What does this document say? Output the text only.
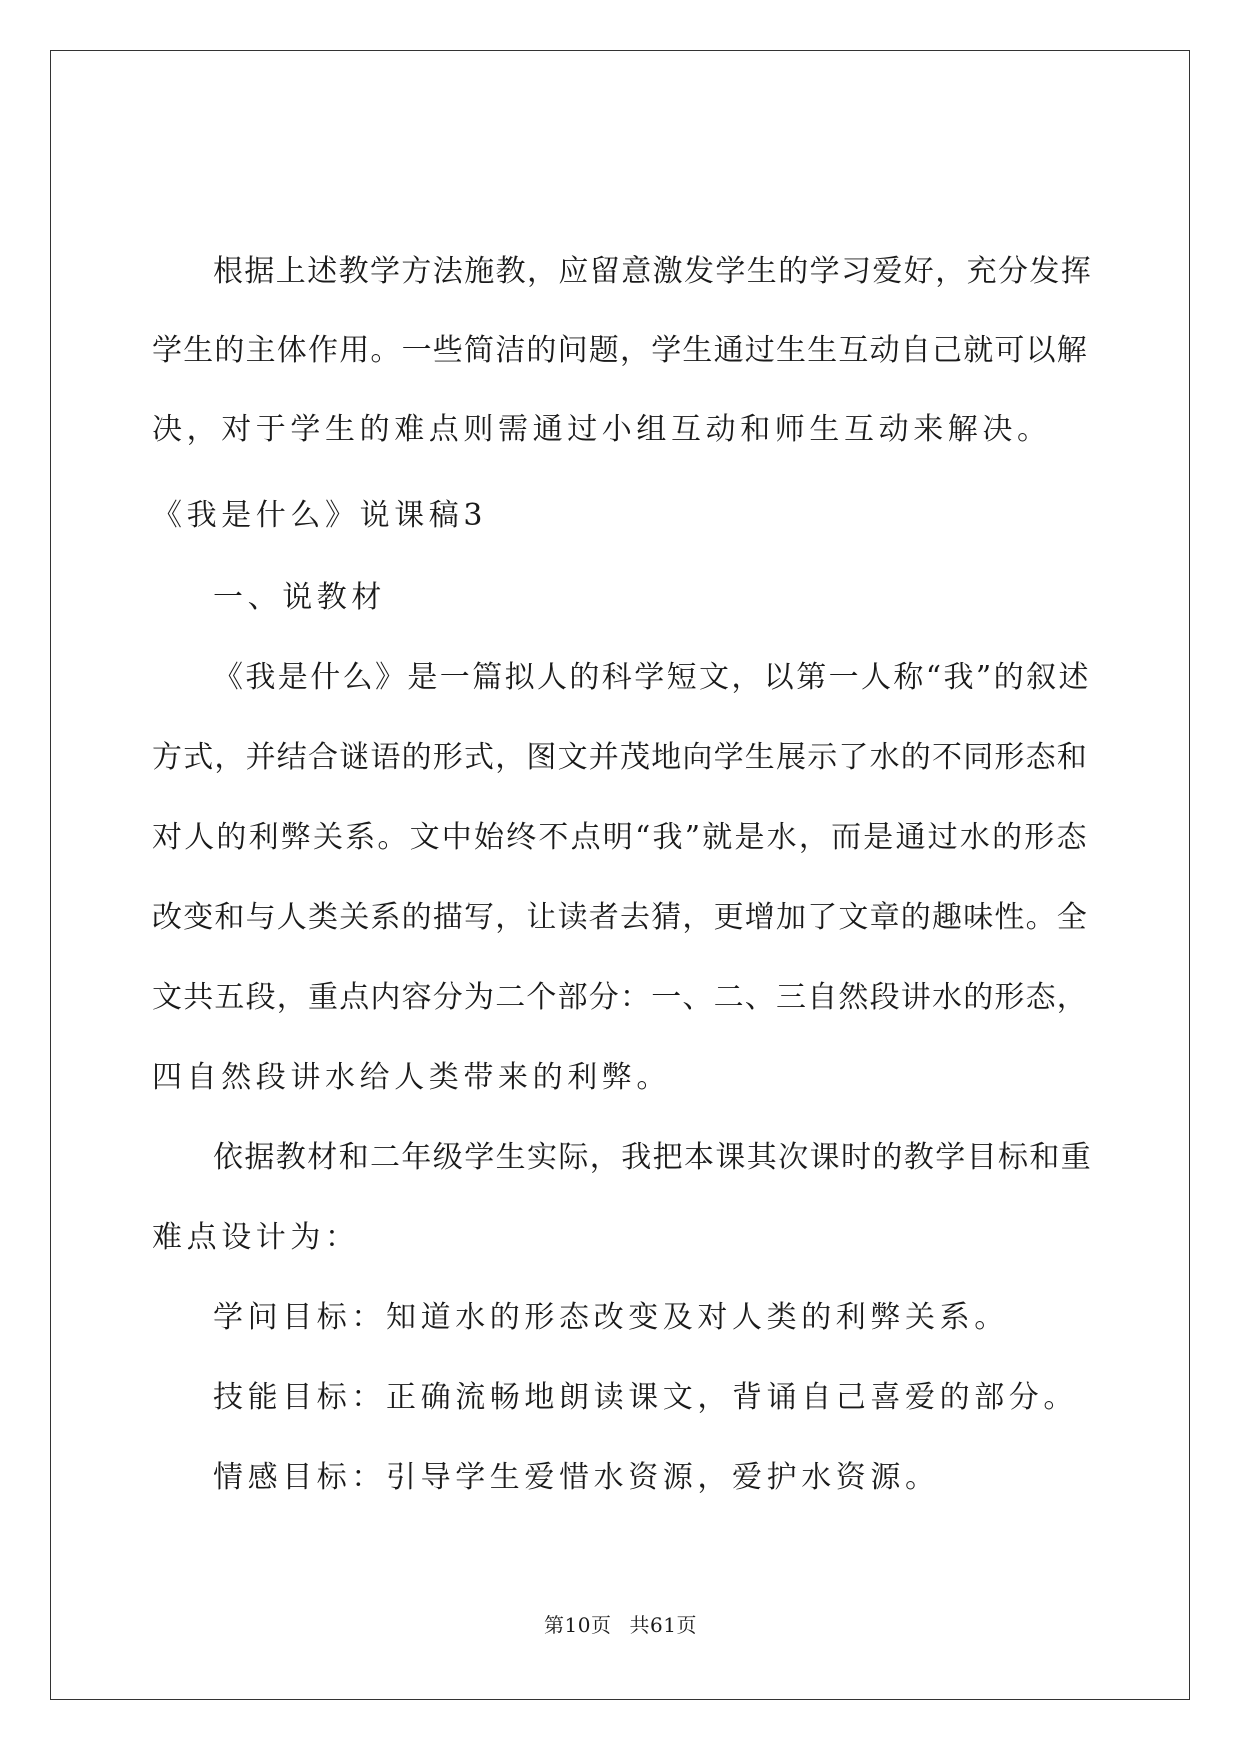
根据上述教学方法施教，应留意激发学生的学习爱好，充分发挥
学生的主体作用。一些简洁的问题，学生通过生生互动自己就可以解
决，对于学生的难点则需通过小组互动和师生互动来解决。
《我是什么》说课稿3
一、说教材
《我是什么》是一篇拟人的科学短文，以第一人称“我”的叙述
方式，并结合谜语的形式，图文并茂地向学生展示了水的不同形态和
对人的利弊关系。文中始终不点明“我”就是水，而是通过水的形态
改变和与人类关系的描写，让读者去猜，更增加了文章的趣味性。全
文共五段，重点内容分为二个部分：一、二、三自然段讲水的形态，
四自然段讲水给人类带来的利弊。
依据教材和二年级学生实际，我把本课其次课时的教学目标和重
难点设计为：
学问目标：知道水的形态改变及对人类的利弊关系。
技能目标：正确流畅地朗读课文，背诵自己喜爱的部分。
情感目标：引导学生爱惜水资源，爱护水资源。
第10页 共61页
